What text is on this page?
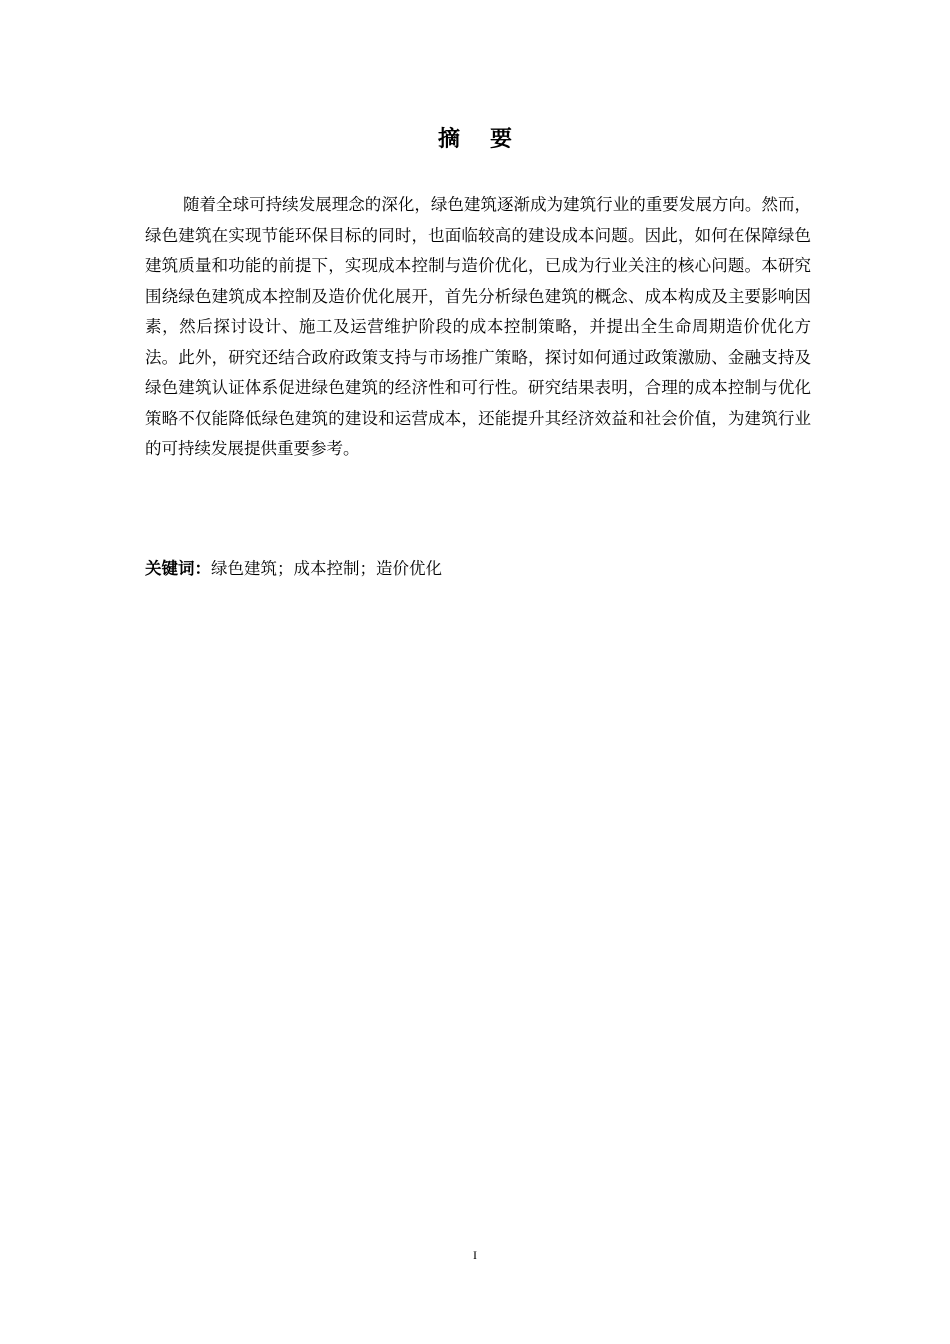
摘要

随着全球可持续发展理念的深化，绿色建筑逐渐成为建筑行业的重要发展方向。然而，绿色建筑在实现节能环保目标的同时，也面临较高的建设成本问题。因此，如何在保障绿色建筑质量和功能的前提下，实现成本控制与造价优化，已成为行业关注的核心问题。本研究围绕绿色建筑成本控制及造价优化展开，首先分析绿色建筑的概念、成本构成及主要影响因素，然后探讨设计、施工及运营维护阶段的成本控制策略，并提出全生命周期造价优化方法。此外，研究还结合政府政策支持与市场推广策略，探讨如何通过政策激励、金融支持及绿色建筑认证体系促进绿色建筑的经济性和可行性。研究结果表明，合理的成本控制与优化策略不仅能降低绿色建筑的建设和运营成本，还能提升其经济效益和社会价值，为建筑行业的可持续发展提供重要参考。

关键词：绿色建筑；成本控制；造价优化

I
